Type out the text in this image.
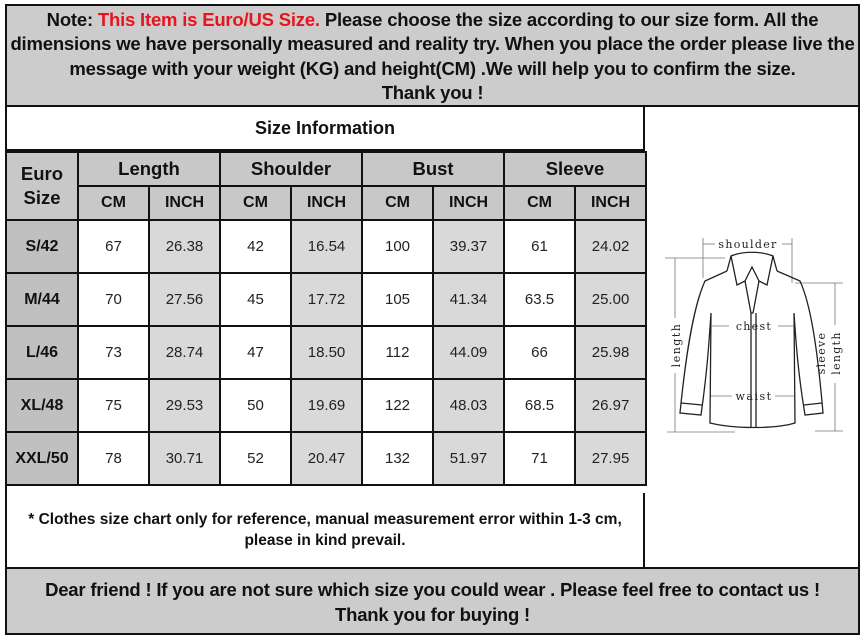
Note: This Item is Euro/US Size. Please choose the size according to our size form. All the dimensions we have personally measured and reality try. When you place the order please live the message with your weight (KG) and height(CM) .We will help you to confirm the size.
Thank you !
Size Information
Euro
Size	Length		Shoulder		Bust		Sleeve	
	CM	INCH	CM	INCH	CM	INCH	CM	INCH
S/42	67	26.38	42	16.54	100	39.37	61	24.02
M/44	70	27.56	45	17.72	105	41.34	63.5	25.00
L/46	73	28.74	47	18.50	112	44.09	66	25.98
XL/48	75	29.53	50	19.69	122	48.03	68.5	26.97
XXL/50	78	30.71	52	20.47	132	51.97	71	27.95
* Clothes size chart only for reference, manual measurement error within 1-3 cm,
please in kind prevail.
shoulder
length	sleeve length
chest
waist
Dear friend ! If you are not sure which size you could wear . Please feel free to contact us !
Thank you for buying !
